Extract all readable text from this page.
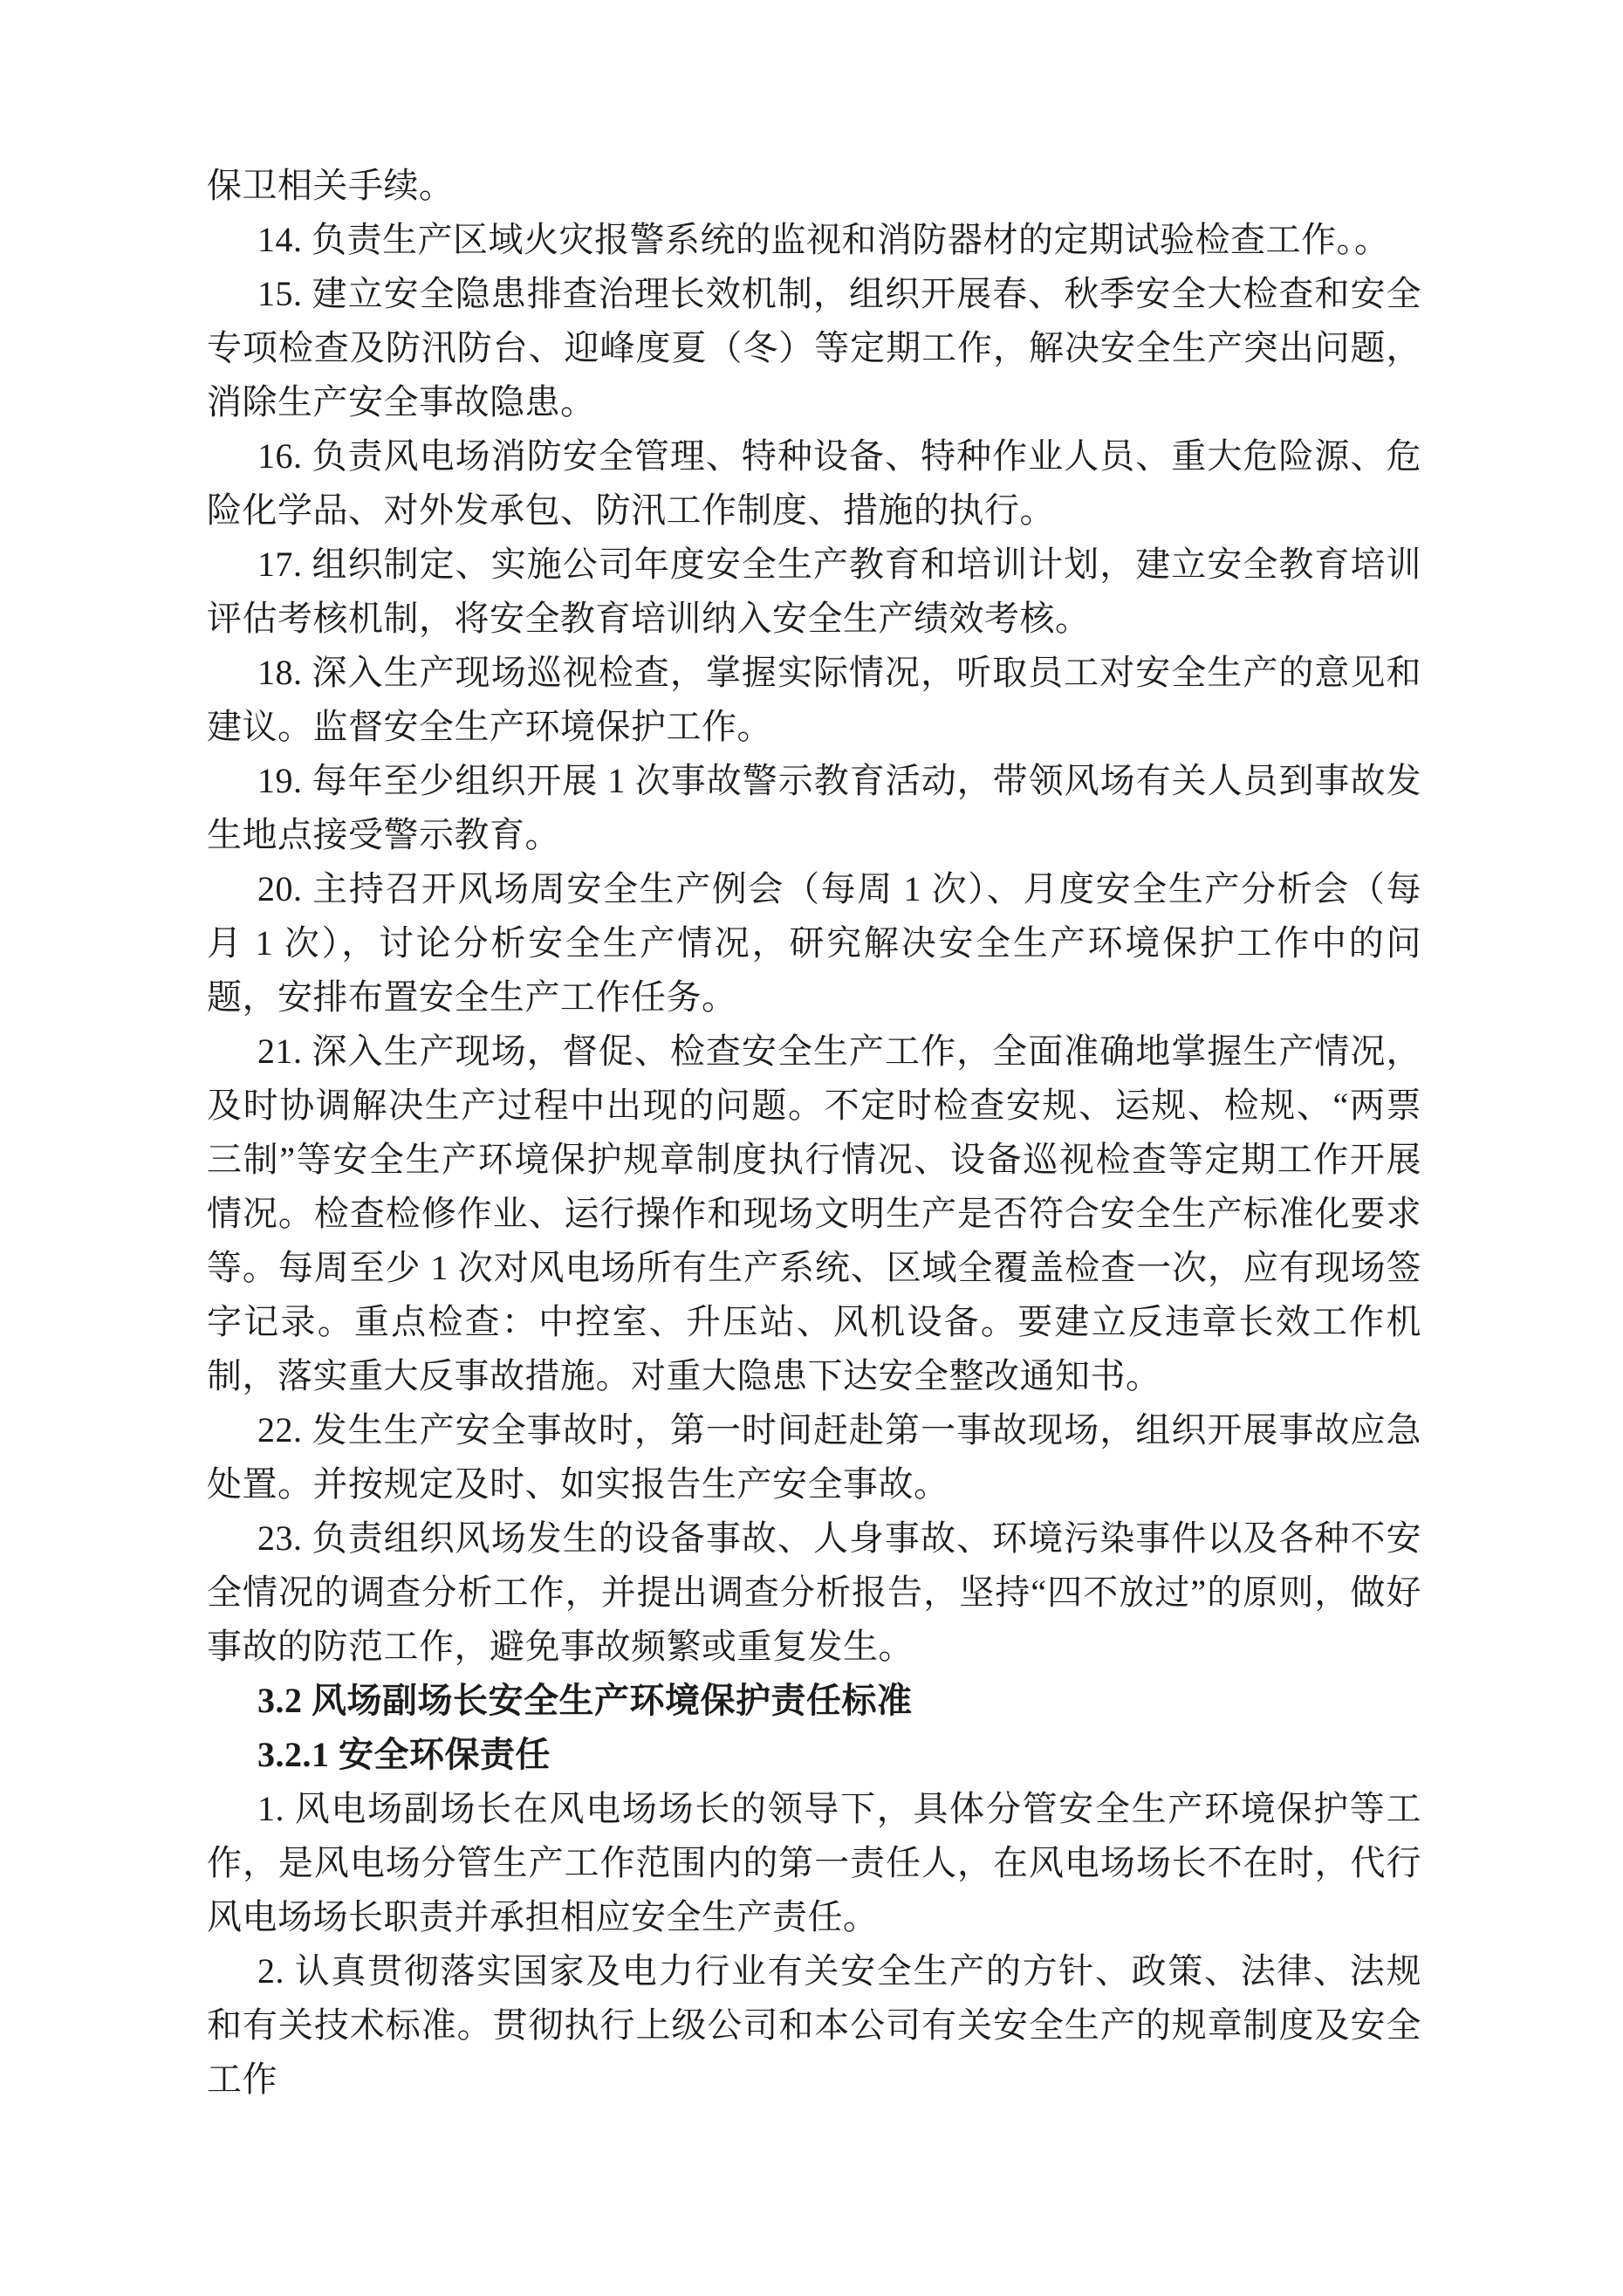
保卫相关手续。

14. 负责生产区域火灾报警系统的监视和消防器材的定期试验检查工作。。

15. 建立安全隐患排查治理长效机制，组织开展春、秋季安全大检查和安全专项检查及防汛防台、迎峰度夏（冬）等定期工作，解决安全生产突出问题，消除生产安全事故隐患。

16. 负责风电场消防安全管理、特种设备、特种作业人员、重大危险源、危险化学品、对外发承包、防汛工作制度、措施的执行。

17. 组织制定、实施公司年度安全生产教育和培训计划，建立安全教育培训评估考核机制，将安全教育培训纳入安全生产绩效考核。

18. 深入生产现场巡视检查，掌握实际情况，听取员工对安全生产的意见和建议。监督安全生产环境保护工作。

19. 每年至少组织开展 1 次事故警示教育活动，带领风场有关人员到事故发生地点接受警示教育。

20. 主持召开风场周安全生产例会（每周 1 次）、月度安全生产分析会（每月 1 次），讨论分析安全生产情况，研究解决安全生产环境保护工作中的问题，安排布置安全生产工作任务。

21. 深入生产现场，督促、检查安全生产工作，全面准确地掌握生产情况，及时协调解决生产过程中出现的问题。不定时检查安规、运规、检规、“两票三制”等安全生产环境保护规章制度执行情况、设备巡视检查等定期工作开展情况。检查检修作业、运行操作和现场文明生产是否符合安全生产标准化要求等。每周至少 1 次对风电场所有生产系统、区域全覆盖检查一次，应有现场签字记录。重点检查：中控室、升压站、风机设备。要建立反违章长效工作机制，落实重大反事故措施。对重大隐患下达安全整改通知书。

22. 发生生产安全事故时，第一时间赶赴第一事故现场，组织开展事故应急处置。并按规定及时、如实报告生产安全事故。

23. 负责组织风场发生的设备事故、人身事故、环境污染事件以及各种不安全情况的调查分析工作，并提出调查分析报告，坚持“四不放过”的原则，做好事故的防范工作，避免事故频繁或重复发生。

3.2 风场副场长安全生产环境保护责任标准

3.2.1 安全环保责任

1. 风电场副场长在风电场场长的领导下，具体分管安全生产环境保护等工作，是风电场分管生产工作范围内的第一责任人，在风电场场长不在时，代行风电场场长职责并承担相应安全生产责任。

2. 认真贯彻落实国家及电力行业有关安全生产的方针、政策、法律、法规和有关技术标准。贯彻执行上级公司和本公司有关安全生产的规章制度及安全工作
